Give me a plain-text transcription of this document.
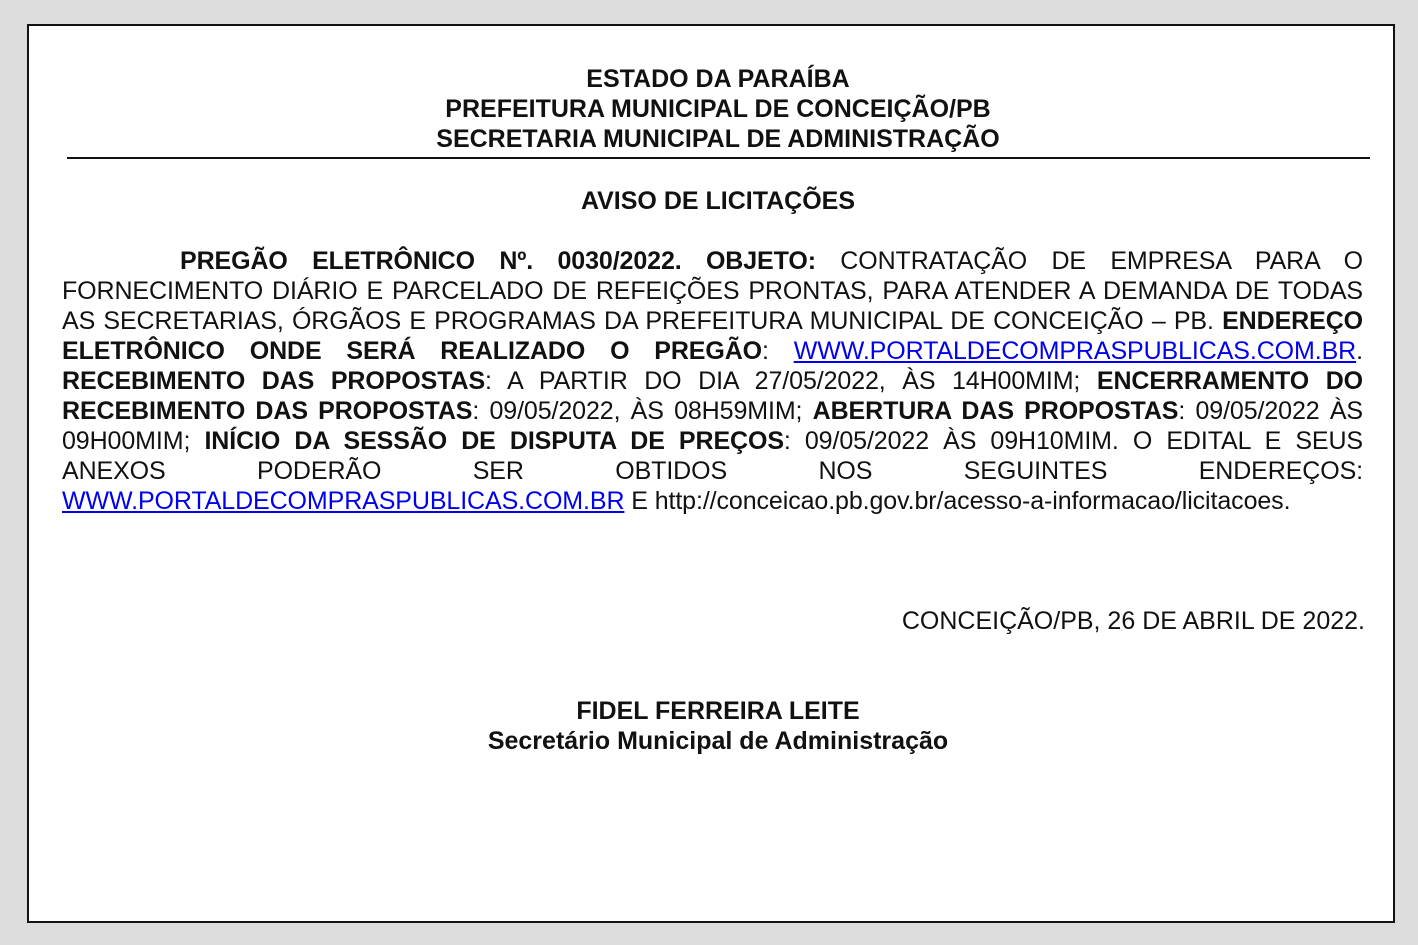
ESTADO DA PARAÍBA
PREFEITURA MUNICIPAL DE CONCEIÇÃO/PB
SECRETARIA MUNICIPAL DE ADMINISTRAÇÃO
AVISO DE LICITAÇÕES
PREGÃO ELETRÔNICO Nº. 0030/2022. OBJETO: CONTRATAÇÃO DE EMPRESA PARA O FORNECIMENTO DIÁRIO E PARCELADO DE REFEIÇÕES PRONTAS, PARA ATENDER A DEMANDA DE TODAS AS SECRETARIAS, ÓRGÃOS E PROGRAMAS DA PREFEITURA MUNICIPAL DE CONCEIÇÃO – PB. ENDEREÇO ELETRÔNICO ONDE SERÁ REALIZADO O PREGÃO: WWW.PORTALDECOMPRASPUBLICAS.COM.BR. RECEBIMENTO DAS PROPOSTAS: A PARTIR DO DIA 27/05/2022, ÀS 14H00MIM; ENCERRAMENTO DO RECEBIMENTO DAS PROPOSTAS: 09/05/2022, ÀS 08H59MIM; ABERTURA DAS PROPOSTAS: 09/05/2022 ÀS 09H00MIM; INÍCIO DA SESSÃO DE DISPUTA DE PREÇOS: 09/05/2022 ÀS 09H10MIM. O EDITAL E SEUS ANEXOS PODERÃO SER OBTIDOS NOS SEGUINTES ENDEREÇOS: WWW.PORTALDECOMPRASPUBLICAS.COM.BR E http://conceicao.pb.gov.br/acesso-a-informacao/licitacoes.
CONCEIÇÃO/PB, 26 DE ABRIL DE 2022.
FIDEL FERREIRA LEITE
Secretário Municipal de Administração
